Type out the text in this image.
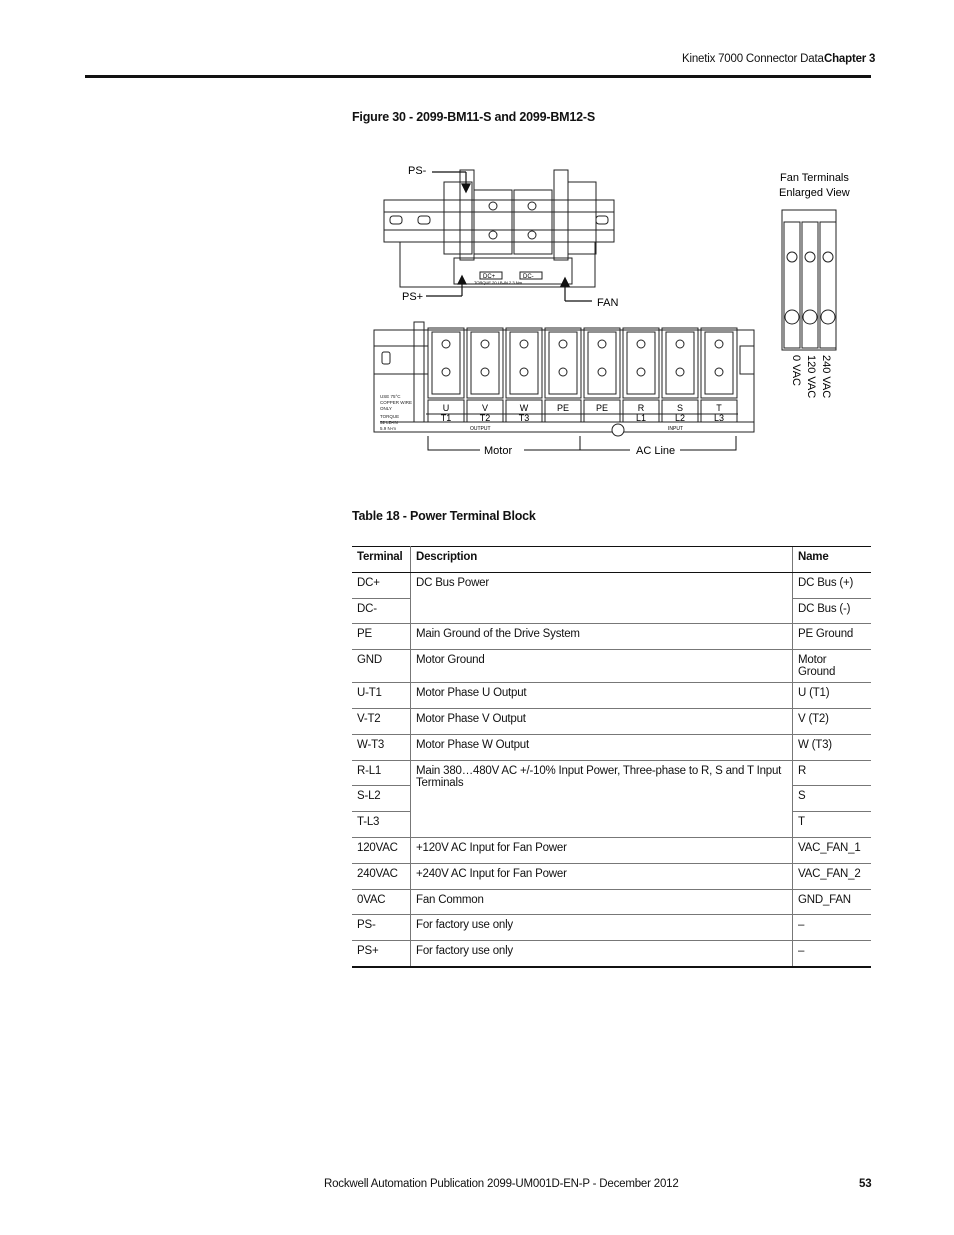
Kinetix 7000 Connector Data Chapter 3
Figure 30 - 2099-BM11-S and 2099-BM12-S
DC+	DC-
TORQUE 20 LB-IN 2.3 Nm
PS-
PS+	FAN
U
T1
V
T2
W
T3
PE	PE	R
L1
S
L2
T
L3
USE 75°C
COPPER WIRE
ONLY
TORQUE
52 LB-IN
5.9 N-m	OUTPUT	INPUT
Motor	AC Line
Fan Terminals
Enlarged View
0 VAC 120 VAC 240 VAC
Table 18 - Power Terminal Block
Terminal	Description	Name
DC+	DC Bus Power	DC Bus (+)
DC-		DC Bus (-)
PE	Main Ground of the Drive System	PE Ground
GND	Motor Ground	Motor Ground
U-T1	Motor Phase U Output	U (T1)
V-T2	Motor Phase V Output	V (T2)
W-T3	Motor Phase W Output	W (T3)
R-L1	Main 380…480V AC +/-10% Input Power, Three-phase to R, S and T Input Terminals	R
S-L2		S
T-L3		T
120VAC	+120V AC Input for Fan Power	VAC_FAN_1
240VAC	+240V AC Input for Fan Power	VAC_FAN_2
0VAC	Fan Common	GND_FAN
PS-	For factory use only	–
PS+	For factory use only	–
Rockwell Automation Publication 2099-UM001D-EN-P - December 2012	53
